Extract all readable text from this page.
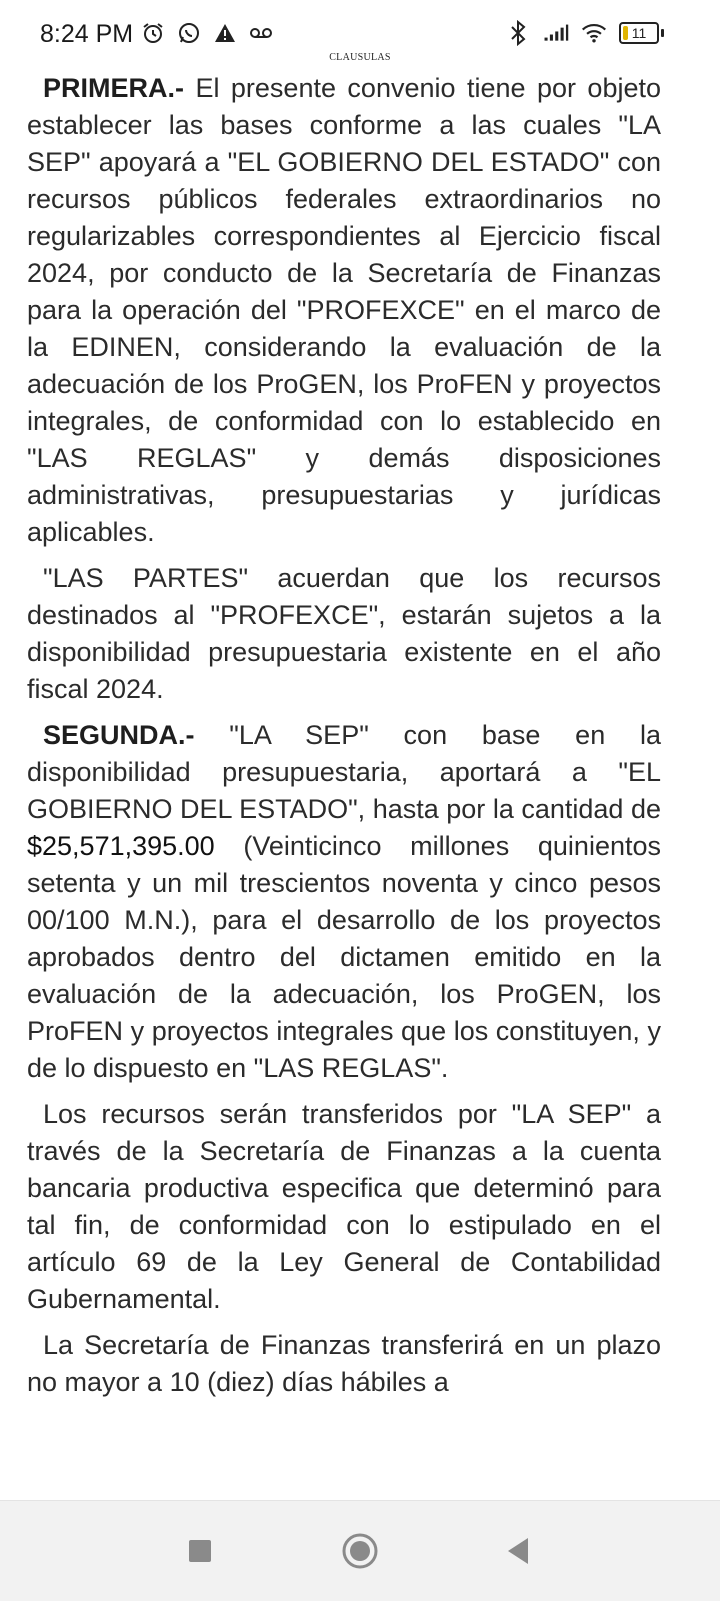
8:24 PM	11
CLAUSULAS

PRIMERA.- El presente convenio tiene por objeto establecer las bases conforme a las cuales "LA SEP" apoyará a "EL GOBIERNO DEL ESTADO" con recursos públicos federales extraordinarios no regularizables correspondientes al Ejercicio fiscal 2024, por conducto de la Secretaría de Finanzas para la operación del "PROFEXCE" en el marco de la EDINEN, considerando la evaluación de la adecuación de los ProGEN, los ProFEN y proyectos integrales, de conformidad con lo establecido en "LAS REGLAS" y demás disposiciones administrativas, presupuestarias y jurídicas aplicables.

"LAS PARTES" acuerdan que los recursos destinados al "PROFEXCE", estarán sujetos a la disponibilidad presupuestaria existente en el año fiscal 2024.

SEGUNDA.- "LA SEP" con base en la disponibilidad presupuestaria, aportará a "EL GOBIERNO DEL ESTADO", hasta por la cantidad de $25,571,395.00 (Veinticinco millones quinientos setenta y un mil trescientos noventa y cinco pesos 00/100 M.N.), para el desarrollo de los proyectos aprobados dentro del dictamen emitido en la evaluación de la adecuación, los ProGEN, los ProFEN y proyectos integrales que los constituyen, y de lo dispuesto en "LAS REGLAS".

Los recursos serán transferidos por "LA SEP" a través de la Secretaría de Finanzas a la cuenta bancaria productiva especifica que determinó para tal fin, de conformidad con lo estipulado en el artículo 69 de la Ley General de Contabilidad Gubernamental.

La Secretaría de Finanzas transferirá en un plazo no mayor a 10 (diez) días hábiles a
